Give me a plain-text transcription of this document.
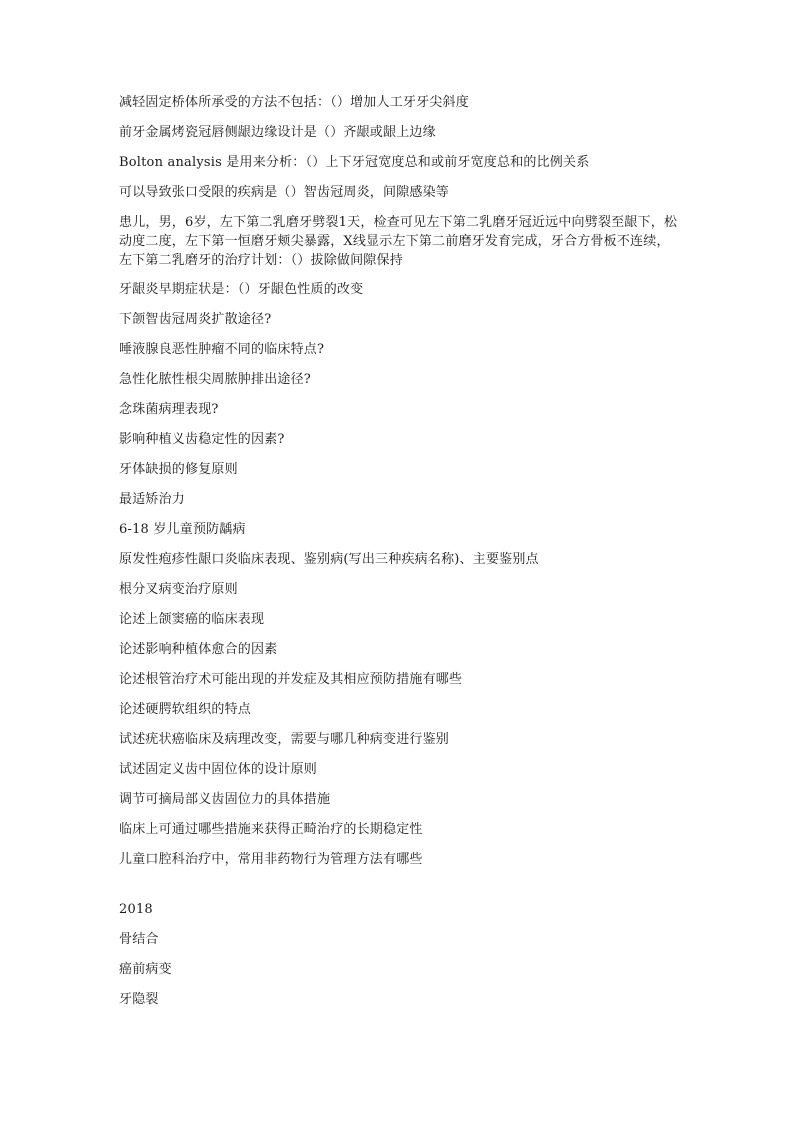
减轻固定桥体所承受的方法不包括：（）增加人工牙牙尖斜度

前牙金属烤瓷冠唇侧龈边缘设计是（）齐龈或龈上边缘

Bolton analysis 是用来分析：（）上下牙冠宽度总和或前牙宽度总和的比例关系

可以导致张口受限的疾病是（）智齿冠周炎，间隙感染等

患儿，男，6岁，左下第二乳磨牙劈裂1天，检查可见左下第二乳磨牙冠近远中向劈裂至龈下，松动度二度，左下第一恒磨牙颊尖暴露，X线显示左下第二前磨牙发育完成，牙合方骨板不连续，左下第二乳磨牙的治疗计划：（）拔除做间隙保持

牙龈炎早期症状是：（）牙龈色性质的改变

下颌智齿冠周炎扩散途径?

唾液腺良恶性肿瘤不同的临床特点?

急性化脓性根尖周脓肿排出途径?

念珠菌病理表现?

影响种植义齿稳定性的因素?

牙体缺损的修复原则

最适矫治力

6-18 岁儿童预防龋病

原发性疱疹性龈口炎临床表现、鉴别病(写出三种疾病名称)、主要鉴别点

根分叉病变治疗原则

论述上颌窦癌的临床表现

论述影响种植体愈合的因素

论述根管治疗术可能出现的并发症及其相应预防措施有哪些

论述硬腭软组织的特点

试述疣状癌临床及病理改变，需要与哪几种病变进行鉴别

试述固定义齿中固位体的设计原则

调节可摘局部义齿固位力的具体措施

临床上可通过哪些措施来获得正畸治疗的长期稳定性

儿童口腔科治疗中，常用非药物行为管理方法有哪些

2018

骨结合

癌前病变

牙隐裂
